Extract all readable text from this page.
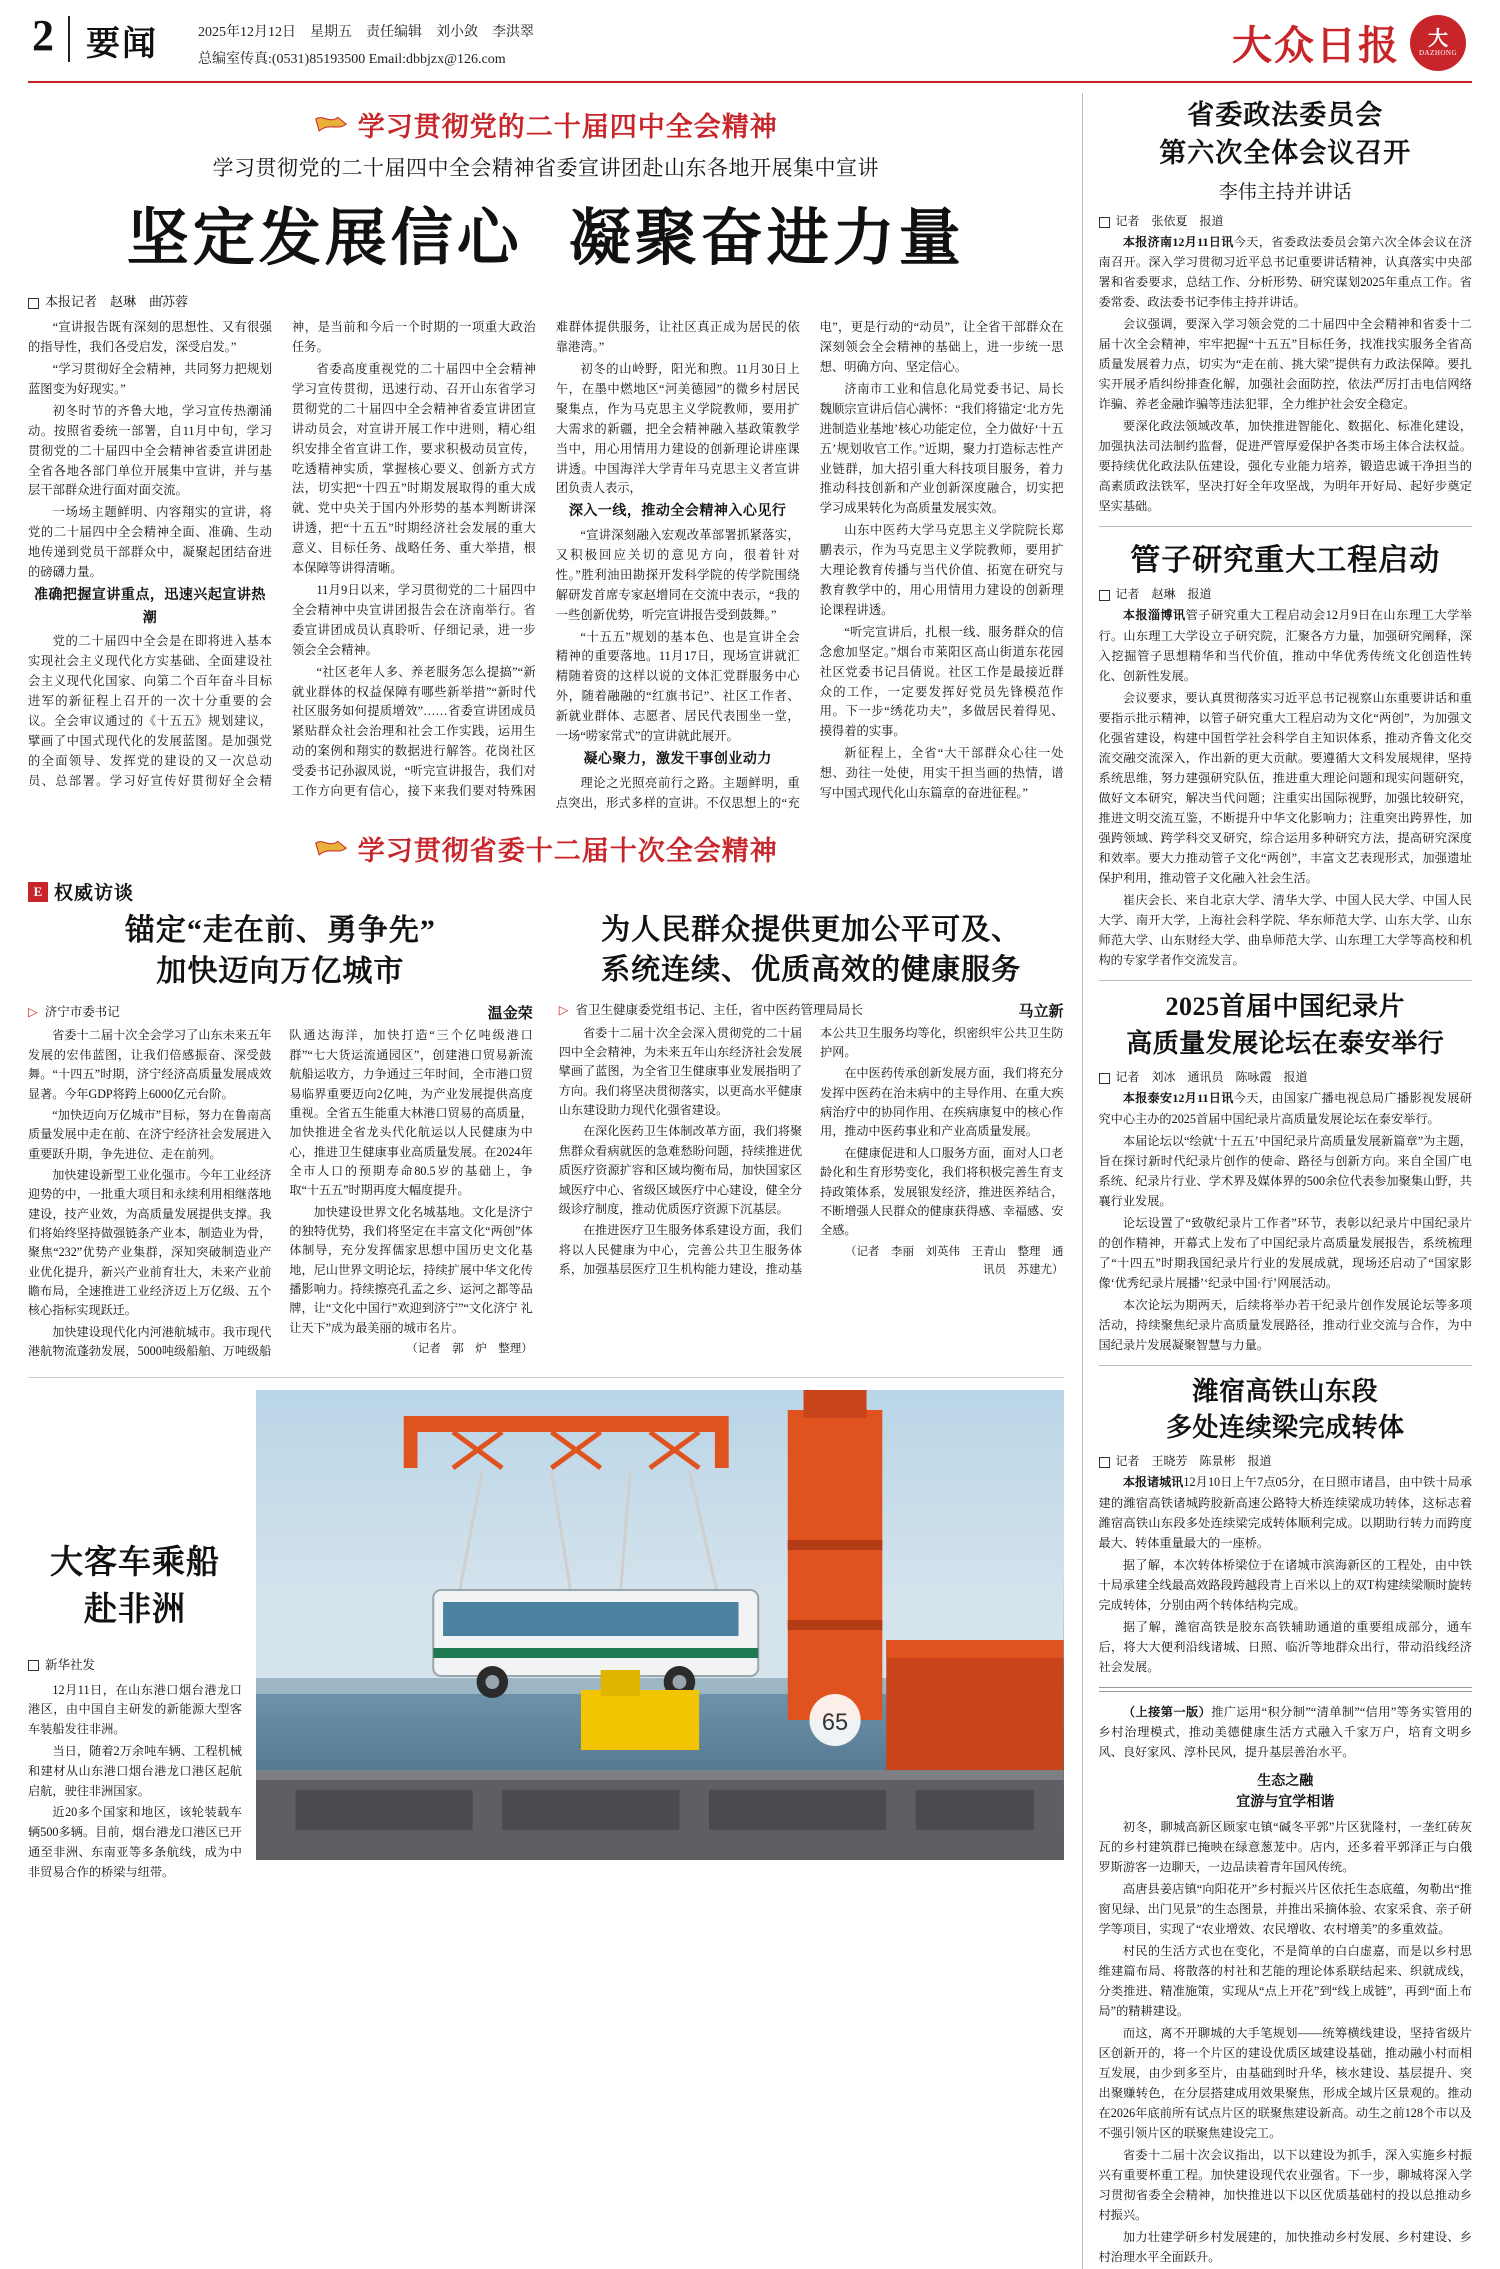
2 要闻	2025年12月12日　星期五　责任编辑　刘小敛　李洪翠
总编室传真:(0531)85193500 Email:dbbjzx@126.com	大众日报 大
DAZHONG
学习贯彻党的二十届四中全会精神
学习贯彻党的二十届四中全会精神省委宣讲团赴山东各地开展集中宣讲
坚定发展信心 凝聚奋进力量
本报记者　赵琳　曲֡苏蓉

“宣讲报告既有深刻的思想性、又有很强的指导性，我们各受启发，深受启发。”

“学习贯彻好全会精神，共同努力把规划蓝图变为好现实。”

初冬时节的齐鲁大地，学习宣传热潮涌动。按照省委统一部署，自11月中旬，学习贯彻党的二十届四中全会精神省委宣讲团赴全省各地各部门单位开展集中宣讲，并与基层干部群众进行面对面交流。

一场场主题鲜明、内容翔实的宣讲，将党的二十届四中全会精神全面、准确、生动地传递到党员干部群众中，凝聚起团结奋进的磅礴力量。

准确把握宣讲重点，迅速兴起宣讲热潮

党的二十届四中全会是在即将进入基本实现社会主义现代化方实基础、全面建设社会主义现代化国家、向第二个百年奋斗目标进军的新征程上召开的一次十分重要的会议。全会审议通过的《十五五》规划建议，擘画了中国式现代化的发展蓝图。是加强党的全面领导、发挥党的建设的又一次总动员、总部署。学习好宣传好贯彻好全会精神，是当前和今后一个时期的一项重大政治任务。

省委高度重视党的二十届四中全会精神学习宣传贯彻，迅速行动、召开山东省学习贯彻党的二十届四中全会精神省委宣讲团宣讲动员会，对宣讲开展工作中进则，精心组织安排全省宣讲工作，要求积极动员宣传，吃透精神实质，掌握核心要义、创新方式方法，切实把“十四五”时期发展取得的重大成就、党中央关于国内外形势的基本判断讲深讲透，把“十五五”时期经济社会发展的重大意义、目标任务、战略任务、重大举措，根本保障等讲得清晰。

11月9日以来，学习贯彻党的二十届四中全会精神中央宣讲团报告会在济南举行。省委宣讲团成员认真聆听、仔细记录，进一步领会全会精神。

“社区老年人多、养老服务怎么提搞”“新就业群体的权益保障有哪些新举措”“新时代社区服务如何提质增效”……省委宣讲团成员紧贴群众社会治理和社会工作实践，运用生动的案例和翔实的数据进行解答。花岗社区受委书记孙淑凤说，“听完宣讲报告，我们对工作方向更有信心，接下来我们要对特殊困难群体提供服务，让社区真正成为居民的依靠港湾。”

初冬的山岭野，阳光和煦。11月30日上午，在墨中燃地区“河美德园”的微乡村居民聚集点，作为马克思主义学院教师，要用扩大需求的新疆，把全会精神融入基政策教学当中，用心用情用力建设的创新理论讲座课讲透。中国海洋大学青年马克思主义者宣讲团负责人表示，

深入一线，推动全会精神入心见行

“宣讲深刻融入宏观改革部署抓紧落实，又积极回应关切的意见方向，很着针对性。”胜利油田勘探开发科学院的传学院围绕解研发首席专家赵增同在交流中表示，“我的一些创新优势，听完宣讲报告受到鼓舞。”

“十五五”规划的基本色、也是宣讲全会精神的重要落地。11月17日，现场宣讲就汇精随着资的这样以说的文体汇党群服务中心外，随着融融的“红旗书记”、社区工作者、新就业群体、志愿者、居民代表围坐一堂，一场“唠家常式”的宣讲就此展开。

凝心聚力，激发干事创业动力

理论之光照亮前行之路。主题鲜明，重点突出，形式多样的宣讲。不仅思想上的“充电”，更是行动的“动员”，让全省干部群众在深刻领会全会精神的基础上，进一步统一思想、明确方向、坚定信心。

济南市工业和信息化局党委书记、局长魏顺宗宣讲后信心满怀：“我们将锚定‘北方先进制造业基地’核心功能定位，全力做好‘十五五’规划收官工作。”近期，聚力打造标志性产业链群，加大招引重大科技项目服务，着力推动科技创新和产业创新深度融合，切实把学习成果转化为高质量发展实效。

山东中医药大学马克思主义学院院长郑鹏表示，作为马克思主义学院教师，要用扩大理论教育传播与当代价值、拓宽在研究与教育教学中的，用心用情用力建设的创新理论课程讲透。

“听完宣讲后，扎根一线、服务群众的信念愈加坚定。”烟台市莱阳区高山街道东花园社区党委书记吕倩说。社区工作是最接近群众的工作，一定要发挥好党员先锋模范作用。下一步“绣花功夫”，多做居民着得见、摸得着的实事。

新征程上，全省“大干部群众心往一处想、劲往一处使，用实干担当画的热情，谱写中国式现代化山东篇章的奋进征程。”

学习贯彻省委十二届十次全会精神
E 权威访谈
锚定“走在前、勇争先”
加快迈向万亿城市
▷ 济宁市委书记	温金荣

省委十二届十次全会学习了山东未来五年发展的宏伟蓝图，让我们倍感振奋、深受鼓舞。“十四五”时期，济宁经济高质量发展成效显著。今年GDP将跨上6000亿元台阶。

“加快迈向万亿城市”目标，努力在鲁南高质量发展中走在前、在济宁经济社会发展进入重要跃升期，争先进位、走在前列。

加快建设新型工业化强市。今年工业经济迎势的中，一批重大项目和永续利用相继落地建设，技产业效，为高质量发展提供支撑。我们将始终坚持做强链条产业本，制造业为骨，聚焦“232”优势产业集群，深知突破制造业产业优化提升，新兴产业前育壮大，未来产业前瞻布局，全速推进工业经济迈上万亿级、五个核心指标实现跃迁。

加快建设现代化内河港航城市。我市现代港航物流蓬勃发展，5000吨级船舶、万吨级船队通达海洋，加快打造“三个亿吨级港口群”“七大货运流通园区”，创建港口贸易新流航船运收方，力争通过三年时间，全市港口贸易临界重要迈向2亿吨，为产业发展提供高度重视。全省五生能重大林港口贸易的高质量，加快推进全省龙头代化航运以人民健康为中心，推进卫生健康事业高质量发展。在2024年全市人口的预期寿命80.5岁的基础上，争取“十五五”时期再度大幅度提升。

加快建设世界文化名城基地。文化是济宁的独特优势，我们将坚定在丰富文化“两创”体体制导，充分发挥儒家思想中国历史文化基地，尼山世界文明论坛，持续扩展中华文化传播影响力。持续擦亮孔孟之乡、运河之都等品牌，让“文化中国行”欢迎到济宁”“文化济宁 礼让天下”成为最美丽的城市名片。

（记者　郭　炉　整理）

为人民群众提供更加公平可及、
系统连续、优质高效的健康服务
▷ 省卫生健康委党组书记、主任，省中医药管理局局长	马立新

省委十二届十次全会深入贯彻党的二十届四中全会精神，为未来五年山东经济社会发展擘画了蓝图，为全省卫生健康事业发展指明了方向。我们将坚决贯彻落实，以更高水平健康山东建设助力现代化强省建设。

在深化医药卫生体制改革方面，我们将聚焦群众看病就医的急难愁盼问题，持续推进优质医疗资源扩容和区域均衡布局，加快国家区域医疗中心、省级区域医疗中心建设，健全分级诊疗制度，推动优质医疗资源下沉基层。

在推进医疗卫生服务体系建设方面，我们将以人民健康为中心，完善公共卫生服务体系，加强基层医疗卫生机构能力建设，推动基本公共卫生服务均等化，织密织牢公共卫生防护网。

在中医药传承创新发展方面，我们将充分发挥中医药在治未病中的主导作用、在重大疾病治疗中的协同作用、在疾病康复中的核心作用，推动中医药事业和产业高质量发展。

在健康促进和人口服务方面，面对人口老龄化和生育形势变化，我们将积极完善生育支持政策体系，发展银发经济，推进医养结合，不断增强人民群众的健康获得感、幸福感、安全感。

（记者　李丽　刘英伟　王青山　整理　通讯员　苏建尤）

大客车乘船
赴非洲
新华社发

12月11日，在山东港口烟台港龙口港区，由中国自主研发的新能源大型客车装船发往非洲。

当日，随着2万余吨车辆、工程机械和建材从山东港口烟台港龙口港区起航启航，驶往非洲国家。

近20多个国家和地区，该轮装载车辆500多辆。目前，烟台港龙口港区已开通至非洲、东南亚等多条航线，成为中非贸易合作的桥梁与纽带。

65
省委政法委员会
第六次全体会议召开
李伟主持并讲话
记者　张依夏　报道

本报济南12月11日讯今天，省委政法委员会第六次全体会议在济南召开。深入学习贯彻习近平总书记重要讲话精神，认真落实中央部署和省委要求，总结工作、分析形势、研究谋划2025年重点工作。省委常委、政法委书记李伟主持并讲话。

会议强调，要深入学习领会党的二十届四中全会精神和省委十二届十次全会精神，牢牢把握“十五五”目标任务，找准找实服务全省高质量发展着力点，切实为“走在前、挑大梁”提供有力政法保障。要扎实开展矛盾纠纷排查化解，加强社会面防控，依法严厉打击电信网络诈骗、养老金融诈骗等违法犯罪，全力维护社会安全稳定。

要深化政法领域改革，加快推进智能化、数据化、标准化建设，加强执法司法制约监督，促进严管厚爱保护各类市场主体合法权益。要持续优化政法队伍建设，强化专业能力培养，锻造忠诚干净担当的高素质政法铁军，坚决打好全年攻坚战，为明年开好局、起好步奠定坚实基础。

管子研究重大工程启动
记者　赵琳　报道

本报淄博讯管子研究重大工程启动会12月9日在山东理工大学举行。山东理工大学设立子研究院，汇聚各方力量，加强研究阐释，深入挖掘管子思想精华和当代价值，推动中华优秀传统文化创造性转化、创新性发展。

会议要求，要认真贯彻落实习近平总书记视察山东重要讲话和重要指示批示精神，以管子研究重大工程启动为文化“两创”，为加强文化强省建设，构建中国哲学社会科学自主知识体系，推动齐鲁文化交流交融交流深入，作出新的更大贡献。要遵循大文科发展规律，坚持系统思维，努力建强研究队伍，推进重大理论问题和现实问题研究，做好文本研究，解决当代问题；注重实出国际视野，加强比较研究，推进文明交流互鉴，不断提升中华文化影响力；注重突出跨界性，加强跨领域、跨学科交叉研究，综合运用多种研究方法，提高研究深度和效率。要大力推动管子文化“两创”，丰富文艺表现形式，加强遗址保护利用，推动管子文化融入社会生活。

崔庆会长、来自北京大学、清华大学、中国人民大学、中国人民大学、南开大学，上海社会科学院、华东师范大学、山东大学、山东师范大学、山东财经大学、曲阜师范大学、山东理工大学等高校和机构的专家学者作交流发言。

2025首届中国纪录片
高质量发展论坛在泰安举行
记者　刘冰　通讯员　陈咏霞　报道

本报泰安12月11日讯今天，由国家广播电视总局广播影视发展研究中心主办的2025首届中国纪录片高质量发展论坛在泰安举行。

本届论坛以“绘就‘十五五’中国纪录片高质量发展新篇章”为主题，旨在探讨新时代纪录片创作的使命、路径与创新方向。来自全国广电系统、纪录片行业、学术界及媒体界的500余位代表参加聚集山野，共襄行业发展。

论坛设置了“致敬纪录片工作者”环节，表彰以纪录片中国纪录片的创作精神，开幕式上发布了中国纪录片高质量发展报告，系统梳理了“十四五”时期我国纪录片行业的发展成就，现场还启动了“国家影像‘优秀纪录片展播’‘纪录中国·行’网展活动。

本次论坛为期两天，后续将举办若干纪录片创作发展论坛等多项活动，持续聚焦纪录片高质量发展路径，推动行业交流与合作，为中国纪录片发展凝聚智慧与力量。

潍宿高铁山东段
多处连续梁完成转体
记者　王晓芳　陈景彬　报道

本报诸城讯12月10日上午7点05分，在日照市诸昌，由中铁十局承建的潍宿高铁诸城跨胶新高速公路特大桥连续梁成功转体，这标志着潍宿高铁山东段多处连续梁完成转体顺利完成。以期助行转力而跨度最大、转体重量最大的一座桥。

据了解，本次转体桥梁位于在诸城市滨海新区的工程处，由中铁十局承建全线最高效路段跨越段青上百米以上的双T构建续梁顺时旋转完成转体，分别由两个转体结构完成。

据了解，潍宿高铁是胶东高铁辅助通道的重要组成部分，通车后，将大大便利沿线诸城、日照、临沂等地群众出行，带动沿线经济社会发展。

（上接第一版）推广运用“积分制”“清单制”“信用”等务实管用的乡村治理模式，推动美德健康生活方式融入千家万户，培育文明乡风、良好家风、淳朴民风，提升基层善治水平。

生态之融
宜游与宜学相谐

初冬，聊城高新区顾家屯镇“碱冬平郭”片区犹隆村，一垄红砖灰瓦的乡村建筑群已掩映在绿意葱茏中。店内，还多着平郭泽正与白俄罗斯游客一边聊天，一边品读着青年国风传统。

高唐县姜店镇“向阳花开”乡村振兴片区依托生态底蕴，匆勒出“推窗见绿、出门见景”的生态图景，并推出采摘体验、农家采食、亲子研学等项目，实现了“农业增效、农民增收、农村增美”的多重效益。

村民的生活方式也在变化，不是简单的白白虚嘉，而是以乡村思维建篇布局、将散落的村社和艺能的理论体系联结起来、织就成线，分类推进、精准施策，实现从“点上开花”到“线上成链”，再到“面上布局”的精耕建设。

而这，离不开聊城的大手笔规划——统筹横线建设，坚持省级片区创新开的，将一个片区的建设优质区域建设基础，推动融小村而相互发展，由少到多至片，由基础到时升华，核水建设、基层提升、突出聚赚转色，在分层搭建成用效果聚焦，形成全域片区景观的。推动在2026年底前所有试点片区的联聚焦建设新高。动生之前128个市以及不强引领片区的联聚焦建设完工。

省委十二届十次会议指出，以下以建设为抓手，深入实施乡村振兴有重要杯重工程。加快建设现代农业强省。下一步，聊城将深入学习贯彻省委全会精神，加快推进以下以区优质基础村的投以总推动乡村振兴。

加力壮建学研乡村发展建的，加快推动乡村发展、乡村建设、乡村治理水平全面跃升。
